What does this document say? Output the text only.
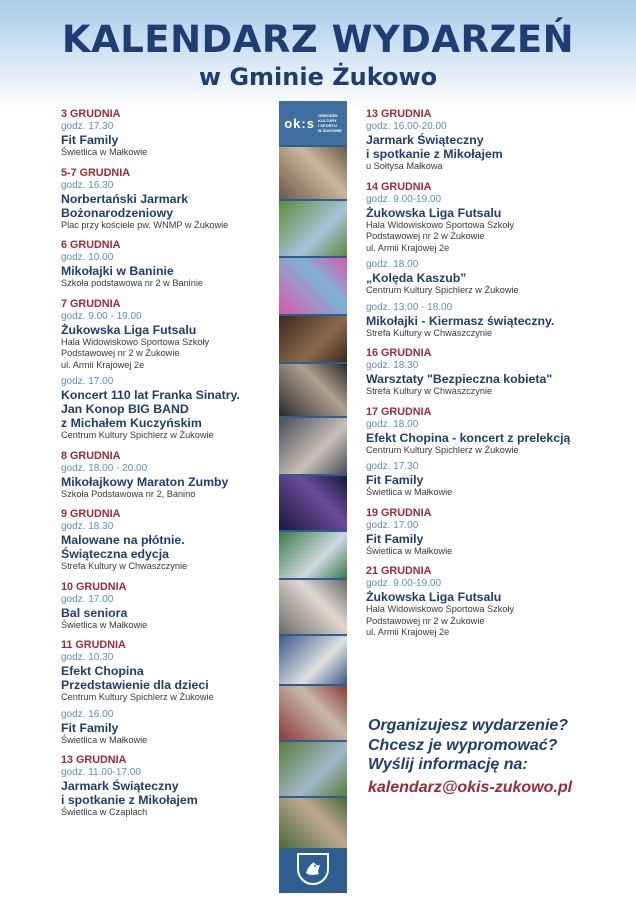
KALENDARZ WYDARZEŃ
w Gminie Żukowo
3 GRUDNIA
godz. 17.30
Fit Family
Świetlica w Małkowie
5-7 GRUDNIA
godz. 16.30
Norbertański Jarmark
Bożonarodzeniowy
Plac przy kościele pw. WNMP w Żukowie
6 GRUDNIA
godz. 10.00
Mikołajki w Baninie
Szkoła podstawowa nr 2 w Baninie
7 GRUDNIA
godz. 9.00 - 19.00
Żukowska Liga Futsalu
Hala Widowiskowo Sportowa Szkoły
Podstawowej nr 2 w Żukowie
ul. Armii Krajowej 2e
godz. 17.00
Koncert 110 lat Franka Sinatry.
Jan Konop BIG BAND
z Michałem Kuczyńskim
Centrum Kultury Spichlerz w Żukowie
8 GRUDNIA
godz. 18.00 - 20.00
Mikołajkowy Maraton Zumby
Szkoła Podstawowa nr 2, Banino
9 GRUDNIA
godz. 18.30
Malowane na płótnie.
Świąteczna edycja
Strefa Kultury w Chwaszczynie
10 GRUDNIA
godz. 17.00
Bal seniora
Świetlica w Małkowie
11 GRUDNIA
godz. 10.30
Efekt Chopina
Przedstawienie dla dzieci
Centrum Kultury Spichlerz w Żukowie
godz. 16.00
Fit Family
Świetlica w Małkowie
13 GRUDNIA
godz. 11.00-17.00
Jarmark Świąteczny
i spotkanie z Mikołajem
Świetlica w Czaplach
ok:s OŚRODEK
KULTURY
I SPORTU
W ŻUKOWIE
13 GRUDNIA
godz. 16.00-20.00
Jarmark Świąteczny
i spotkanie z Mikołajem
u Sołtysa Małkowa
14 GRUDNIA
godz. 9.00-19.00
Żukowska Liga Futsalu
Hala Widowiskowo Sportowa Szkoły
Podstawowej nr 2 w Żukowie
ul. Armii Krajowej 2e
godz. 18.00
„Kolęda Kaszub”
Centrum Kultury Spichlerz w Żukowie
godz. 13.00 - 18.00
Mikołajki - Kiermasz świąteczny.
Strefa Kultury w Chwaszczynie
16 GRUDNIA
godz. 18.30
Warsztaty "Bezpieczna kobieta"
Strefa Kultury w Chwaszczynie
17 GRUDNIA
godz. 18.00
Efekt Chopina - koncert z prelekcją
Centrum Kultury Spichlerz w Żukowie
godz. 17.30
Fit Family
Świetlica w Małkowie
19 GRUDNIA
godz. 17.00
Fit Family
Świetlica w Małkowie
21 GRUDNIA
godz. 9.00-19.00
Żukowska Liga Futsalu
Hala Widowiskowo Sportowa Szkoły
Podstawowej nr 2 w Żukowie
ul. Armii Krajowej 2e
Organizujesz wydarzenie?
Chcesz je wypromować?
Wyślij informację na:
kalendarz@okis-zukowo.pl
